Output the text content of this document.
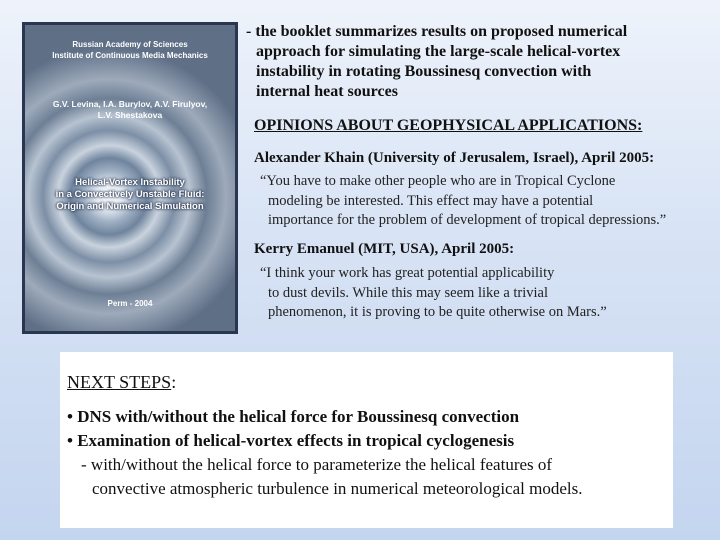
Russian Academy of Sciences
Institute of Continuous Media Mechanics
G.V. Levina, I.A. Burylov, A.V. Firulyov,
L.V. Shestakova
Helical-Vortex Instability
in a Convectively Unstable Fluid:
Origin and Numerical Simulation
Perm - 2004
- the booklet summarizes results on proposed numerical
approach for simulating the large-scale helical-vortex
instability in rotating Boussinesq convection with
internal heat sources
OPINIONS ABOUT GEOPHYSICAL APPLICATIONS:
Alexander Khain (University of Jerusalem, Israel), April 2005:
“You have to make other people who are in Tropical Cyclone
modeling be interested. This effect may have a potential
importance for the problem of development of tropical depressions.”
Kerry Emanuel (MIT, USA), April 2005:
“I think your work has great potential applicability
to dust devils. While this may seem like a trivial
phenomenon, it is proving to be quite otherwise on Mars.”
NEXT STEPS:
• DNS with/without the helical force for Boussinesq convection
• Examination of helical-vortex effects in tropical cyclogenesis
- with/without the helical force to parameterize the helical features of
convective atmospheric turbulence in numerical meteorological models.
